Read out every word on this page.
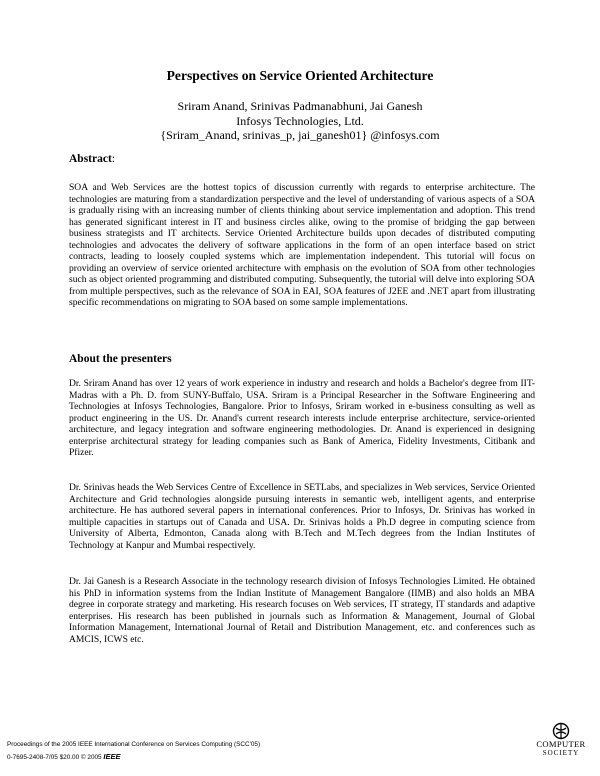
Perspectives on Service Oriented Architecture
Sriram Anand, Srinivas Padmanabhuni, Jai Ganesh
Infosys Technologies, Ltd.
{Sriram_Anand, srinivas_p, jai_ganesh01} @infosys.com
Abstract:

SOA and Web Services are the hottest topics of discussion currently with regards to enterprise architecture. The technologies are maturing from a standardization perspective and the level of understanding of various aspects of a SOA is gradually rising with an increasing number of clients thinking about service implementation and adoption. This trend has generated significant interest in IT and business circles alike, owing to the promise of bridging the gap between business strategists and IT architects. Service Oriented Architecture builds upon decades of distributed computing technologies and advocates the delivery of software applications in the form of an open interface based on strict contracts, leading to loosely coupled systems which are implementation independent. This tutorial will focus on providing an overview of service oriented architecture with emphasis on the evolution of SOA from other technologies such as object oriented programming and distributed computing. Subsequently, the tutorial will delve into exploring SOA from multiple perspectives, such as the relevance of SOA in EAI, SOA features of J2EE and .NET apart from illustrating specific recommendations on migrating to SOA based on some sample implementations.

About the presenters

Dr. Sriram Anand has over 12 years of work experience in industry and research and holds a Bachelor's degree from IIT-Madras with a Ph. D. from SUNY-Buffalo, USA. Sriram is a Principal Researcher in the Software Engineering and Technologies at Infosys Technologies, Bangalore. Prior to Infosys, Sriram worked in e-business consulting as well as product engineering in the US. Dr. Anand's current research interests include enterprise architecture, service-oriented architecture, and legacy integration and software engineering methodologies. Dr. Anand is experienced in designing enterprise architectural strategy for leading companies such as Bank of America, Fidelity Investments, Citibank and Pfizer.

Dr. Srinivas heads the Web Services Centre of Excellence in SETLabs, and specializes in Web services, Service Oriented Architecture and Grid technologies alongside pursuing interests in semantic web, intelligent agents, and enterprise architecture. He has authored several papers in international conferences. Prior to Infosys, Dr. Srinivas has worked in multiple capacities in startups out of Canada and USA. Dr. Srinivas holds a Ph.D degree in computing science from University of Alberta, Edmonton, Canada along with B.Tech and M.Tech degrees from the Indian Institutes of Technology at Kanpur and Mumbai respectively.

Dr. Jai Ganesh is a Research Associate in the technology research division of Infosys Technologies Limited. He obtained his PhD in information systems from the Indian Institute of Management Bangalore (IIMB) and also holds an MBA degree in corporate strategy and marketing. His research focuses on Web services, IT strategy, IT standards and adaptive enterprises. His research has been published in journals such as Information & Management, Journal of Global Information Management, International Journal of Retail and Distribution Management, etc. and conferences such as AMCIS, ICWS etc.

Proceedings of the 2005 IEEE International Conference on Services Computing (SCC'05)
0-7695-2408-7/05 $20.00 © 2005 IEEE
COMPUTER
SOCIETY
